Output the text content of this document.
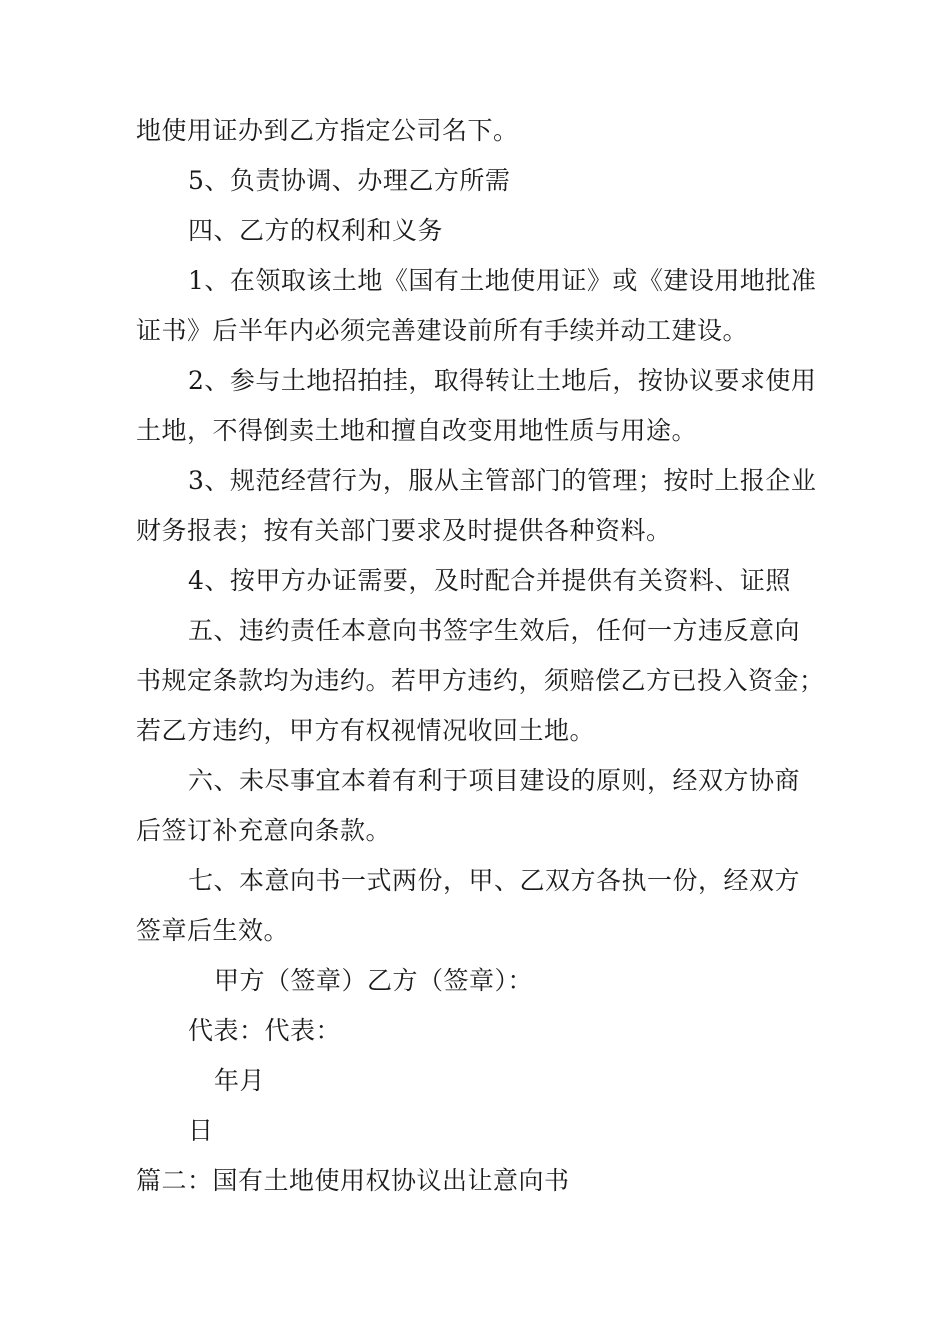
地使用证办到乙方指定公司名下。
5、负责协调、办理乙方所需
四、乙方的权利和义务
1、在领取该土地《国有土地使用证》或《建设用地批准
证书》后半年内必须完善建设前所有手续并动工建设。
2、参与土地招拍挂，取得转让土地后，按协议要求使用
土地，不得倒卖土地和擅自改变用地性质与用途。
3、规范经营行为，服从主管部门的管理；按时上报企业
财务报表；按有关部门要求及时提供各种资料。
4、按甲方办证需要，及时配合并提供有关资料、证照
五、违约责任本意向书签字生效后，任何一方违反意向
书规定条款均为违约。若甲方违约，须赔偿乙方已投入资金；
若乙方违约，甲方有权视情况收回土地。
六、未尽事宜本着有利于项目建设的原则，经双方协商
后签订补充意向条款。
七、本意向书一式两份，甲、乙双方各执一份，经双方
签章后生效。
甲方（签章）乙方（签章）：
代表：代表：
年月
日
篇二：国有土地使用权协议出让意向书
